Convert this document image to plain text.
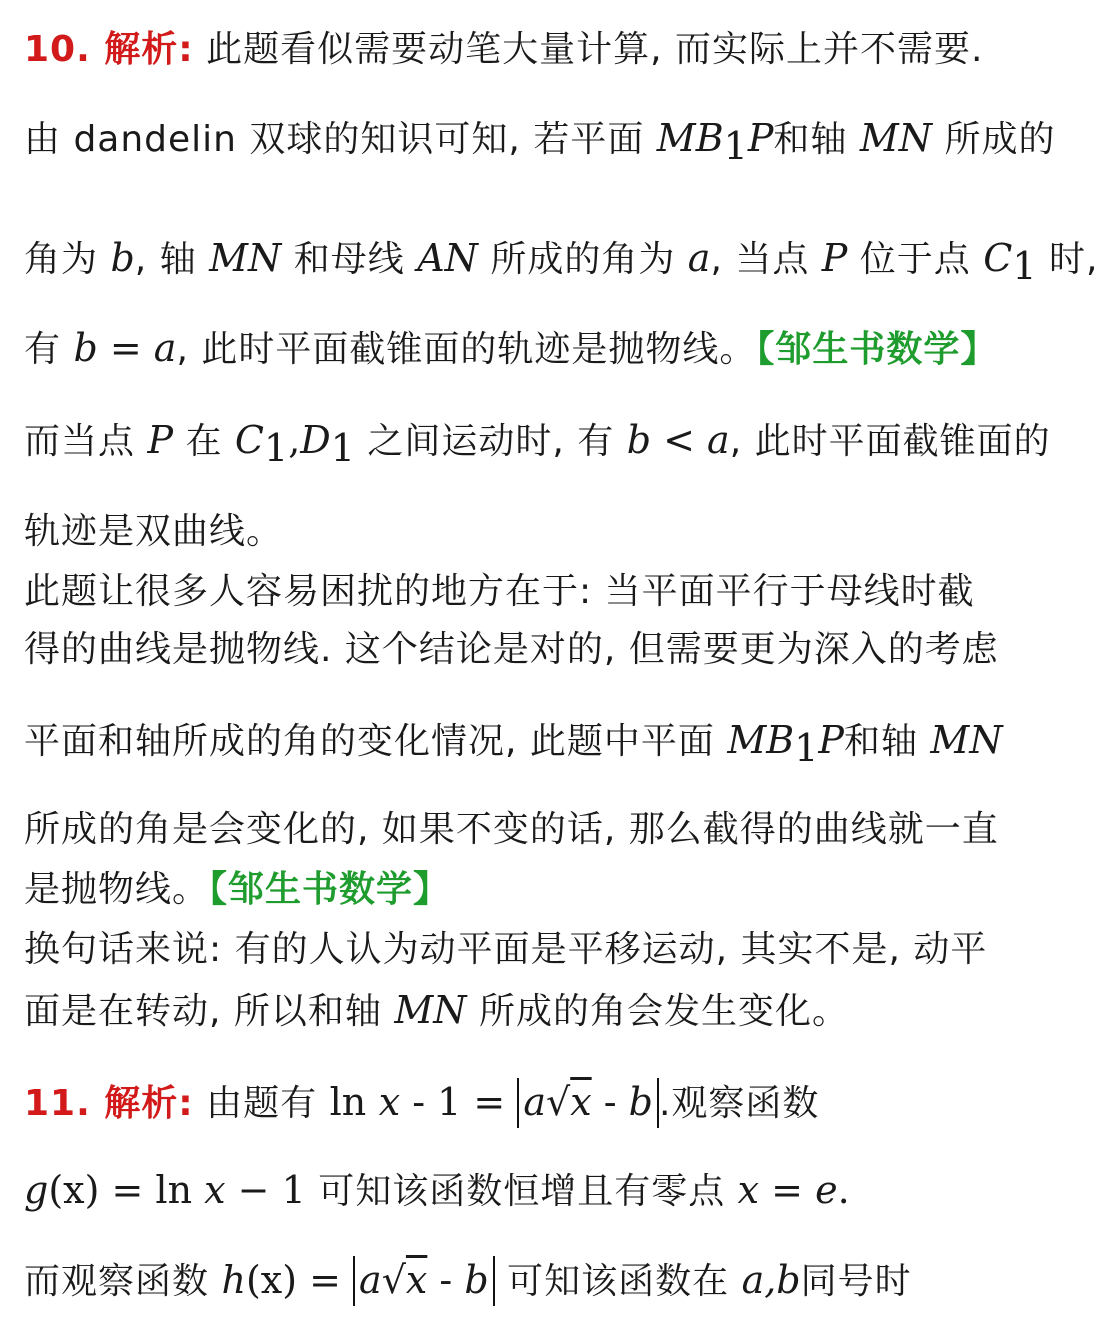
10. 解析: 此题看似需要动笔大量计算, 而实际上并不需要.
由 dandelin 双球的知识可知, 若平面 $MB_1P$和轴 MN 所成的
角为 b, 轴 MN 和母线 AN 所成的角为 a, 当点 P 位于点 $C_1$ 时,
有 b = a, 此时平面截锥面的轨迹是抛物线。【邹生书数学】
而当点 P 在 $C_1,D_1$ 之间运动时, 有 b < a, 此时平面截锥面的
轨迹是双曲线。
此题让很多人容易困扰的地方在于: 当平面平行于母线时截
得的曲线是抛物线. 这个结论是对的, 但需要更为深入的考虑
平面和轴所成的角的变化情况, 此题中平面 $MB_1P$和轴 MN
所成的角是会变化的, 如果不变的话, 那么截得的曲线就一直
是抛物线。【邹生书数学】
换句话来说: 有的人认为动平面是平移运动, 其实不是, 动平
面是在转动, 所以和轴 MN 所成的角会发生变化。
11. 解析: 由题有 ln x - 1 = a√x - b .观察函数
g(x) = ln x − 1 可知该函数恒增且有零点 x = e.
而观察函数 h(x) = a√x - b 可知该函数在 a,b同号时
